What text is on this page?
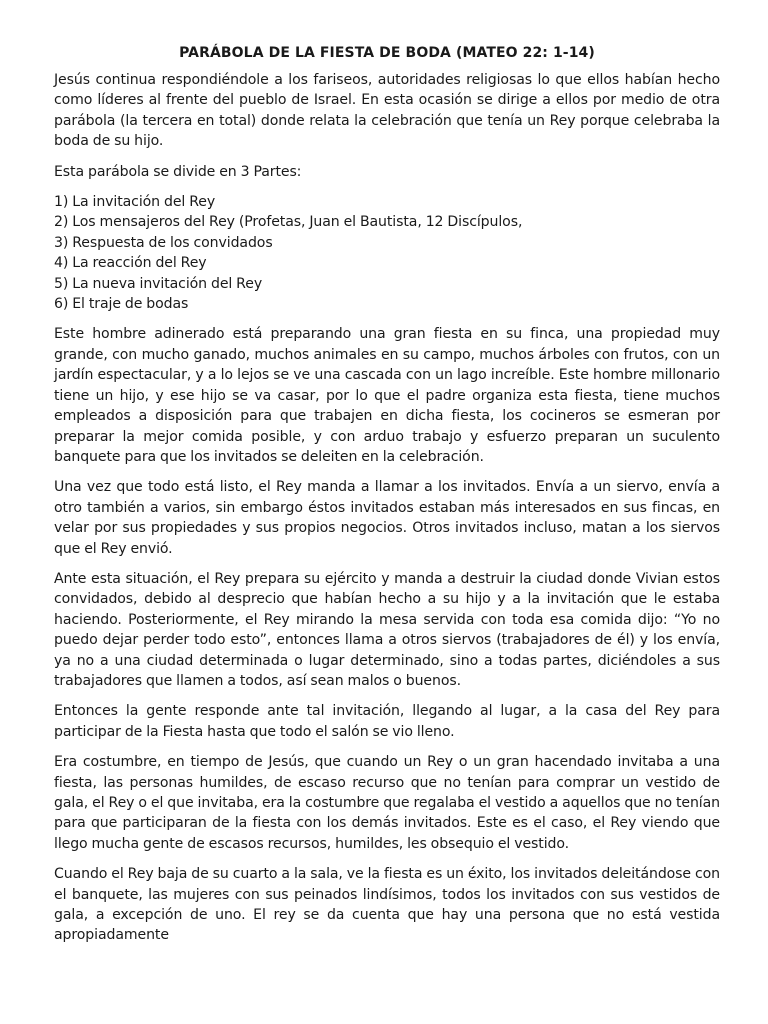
PARÁBOLA DE LA FIESTA DE BODA (MATEO 22: 1-14)

Jesús continua respondiéndole a los fariseos, autoridades religiosas lo que ellos habían hecho como líderes al frente del pueblo de Israel. En esta ocasión se dirige a ellos por medio de otra parábola (la tercera en total) donde relata la celebración que tenía un Rey porque celebraba la boda de su hijo.

Esta parábola se divide en 3 Partes:

1) La invitación del Rey
2) Los mensajeros del Rey (Profetas, Juan el Bautista, 12 Discípulos,
3) Respuesta de los convidados
4) La reacción del Rey
5) La nueva invitación del Rey
6) El traje de bodas

Este hombre adinerado está preparando una gran fiesta en su finca, una propiedad muy grande, con mucho ganado, muchos animales en su campo, muchos árboles con frutos, con un jardín espectacular, y a lo lejos se ve una cascada con un lago increíble. Este hombre millonario tiene un hijo, y ese hijo se va casar, por lo que el padre organiza esta fiesta, tiene muchos empleados a disposición para que trabajen en dicha fiesta, los cocineros se esmeran por preparar la mejor comida posible, y con arduo trabajo y esfuerzo preparan un suculento banquete para que los invitados se deleiten en la celebración.

Una vez que todo está listo, el Rey manda a llamar a los invitados. Envía a un siervo, envía a otro también a varios, sin embargo éstos invitados estaban más interesados en sus fincas, en velar por sus propiedades y sus propios negocios. Otros invitados incluso, matan a los siervos que el Rey envió.

Ante esta situación, el Rey prepara su ejército y manda a destruir la ciudad donde Vivian estos convidados, debido al desprecio que habían hecho a su hijo y a la invitación que le estaba haciendo. Posteriormente, el Rey mirando la mesa servida con toda esa comida dijo: “Yo no puedo dejar perder todo esto”, entonces llama a otros siervos (trabajadores de él) y los envía, ya no a una ciudad determinada o lugar determinado, sino a todas partes, diciéndoles a sus trabajadores que llamen a todos, así sean malos o buenos.

Entonces la gente responde ante tal invitación, llegando al lugar, a la casa del Rey para participar de la Fiesta hasta que todo el salón se vio lleno.

Era costumbre, en tiempo de Jesús, que cuando un Rey o un gran hacendado invitaba a una fiesta, las personas humildes, de escaso recurso que no tenían para comprar un vestido de gala, el Rey o el que invitaba, era la costumbre que regalaba el vestido a aquellos que no tenían para que participaran de la fiesta con los demás invitados. Este es el caso, el Rey viendo que llego mucha gente de escasos recursos, humildes, les obsequio el vestido.

Cuando el Rey baja de su cuarto a la sala, ve la fiesta es un éxito, los invitados deleitándose con el banquete, las mujeres con sus peinados lindísimos, todos los invitados con sus vestidos de gala, a excepción de uno. El rey se da cuenta que hay una persona que no está vestida apropiadamente
